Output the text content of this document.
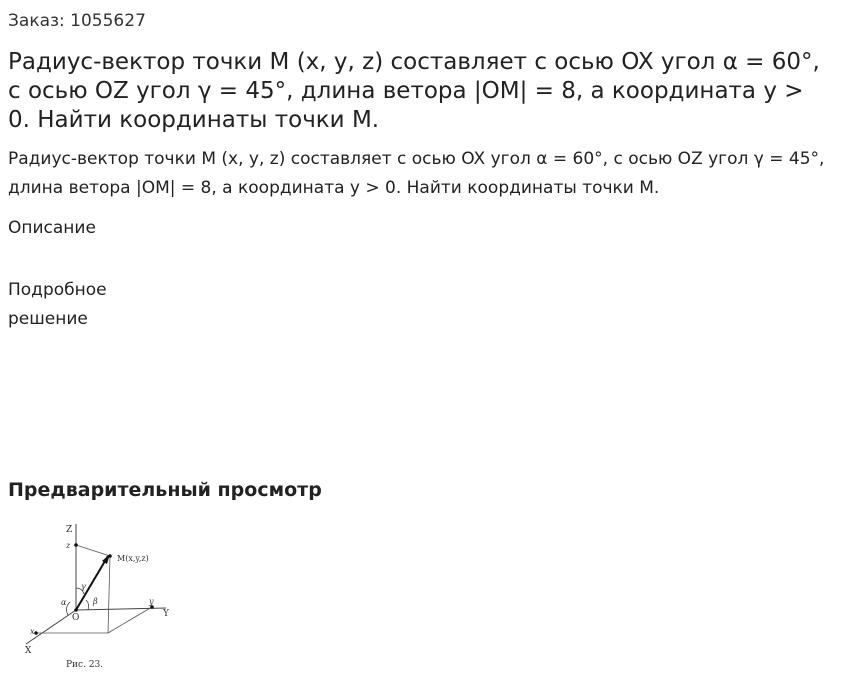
Заказ: 1055627
Радиус-вектор точки M (x, y, z) составляет с осью OX угол α = 60°, с осью OZ угол γ = 45°, длина ветора |OM| = 8, а координата y > 0. Найти координаты точки M.

Радиус-вектор точки M (x, y, z) составляет с осью OX угол α = 60°, с осью OZ угол γ = 45°, длина ветора |OM| = 8, а координата y > 0. Найти координаты точки M.

Описание
Подробное решение
Предварительный просмотр
Z
z
M(x,y,z)
y
Y
x
X
O
γ
α	β
Рис. 23.
